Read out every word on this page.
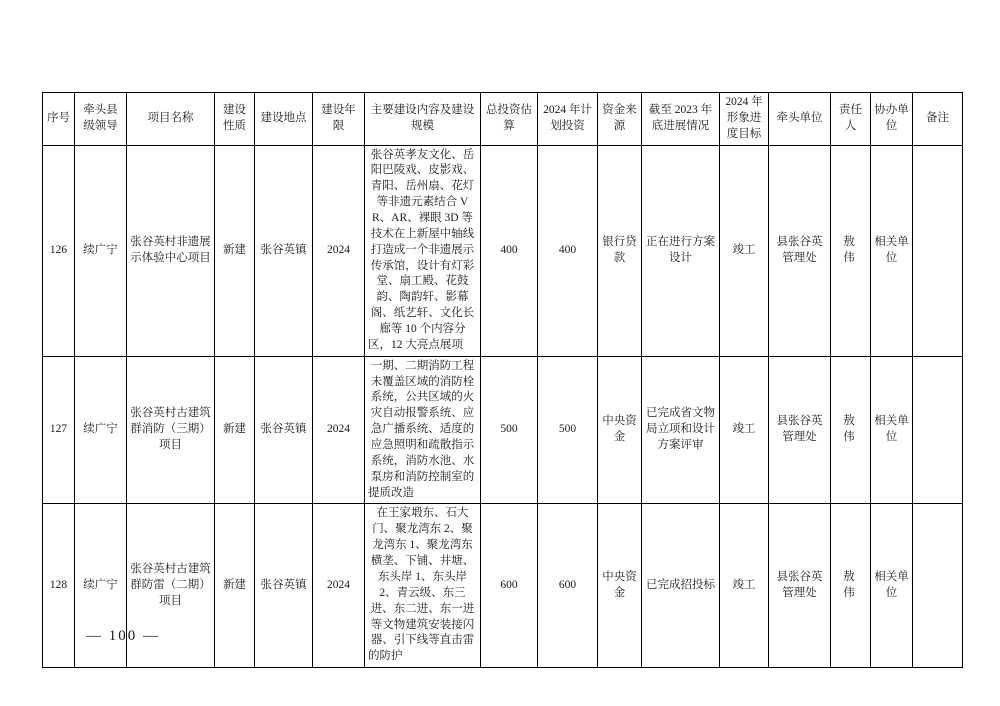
序号	牵头县级领导	项目名称	建设性质	建设地点	建设年限	主要建设内容及建设规模	总投资估算	2024 年计划投资	资金来源	截至 2023 年底进展情况	2024 年形象进度目标	牵头单位	责任人	协办单位	备注
126	续广宁	张谷英村非遗展示体验中心项目	新建	张谷英镇	2024	张谷英孝友文化、岳阳巴陵戏、皮影戏、青阳、岳州扇、花灯等非遗元素结合 VR、AR、裸眼 3D 等技术在上新屋中轴线打造成一个非遗展示传承馆，设计有灯彩堂、扇工殿、花鼓韵、陶韵轩、影幕阁、纸艺轩、文化长廊等 10 个内容分区，12 大亮点展项	400	400	银行贷款	正在进行方案设计	竣工	县张谷英管理处	敖 伟	相关单位	
127	续广宁	张谷英村古建筑群消防（三期）项目	新建	张谷英镇	2024	一期、二期消防工程未覆盖区域的消防栓系统，公共区域的火灾自动报警系统、应急广播系统、适度的应急照明和疏散指示系统，消防水池、水泵房和消防控制室的提质改造	500	500	中央资金	已完成省文物局立项和设计方案评审	竣工	县张谷英管理处	敖 伟	相关单位	
128	续广宁	张谷英村古建筑群防雷（二期）项目	新建	张谷英镇	2024	在王家塅东、石大门、聚龙湾东 2、聚龙湾东 1、聚龙湾东横垄、下铺、井塘、东头岸 1、东头岸 2、青云级、东三进、东二进、东一进等文物建筑安装接闪器、引下线等直击雷的防护	600	600	中央资金	已完成招投标	竣工	县张谷英管理处	敖 伟	相关单位	
— 100 —
